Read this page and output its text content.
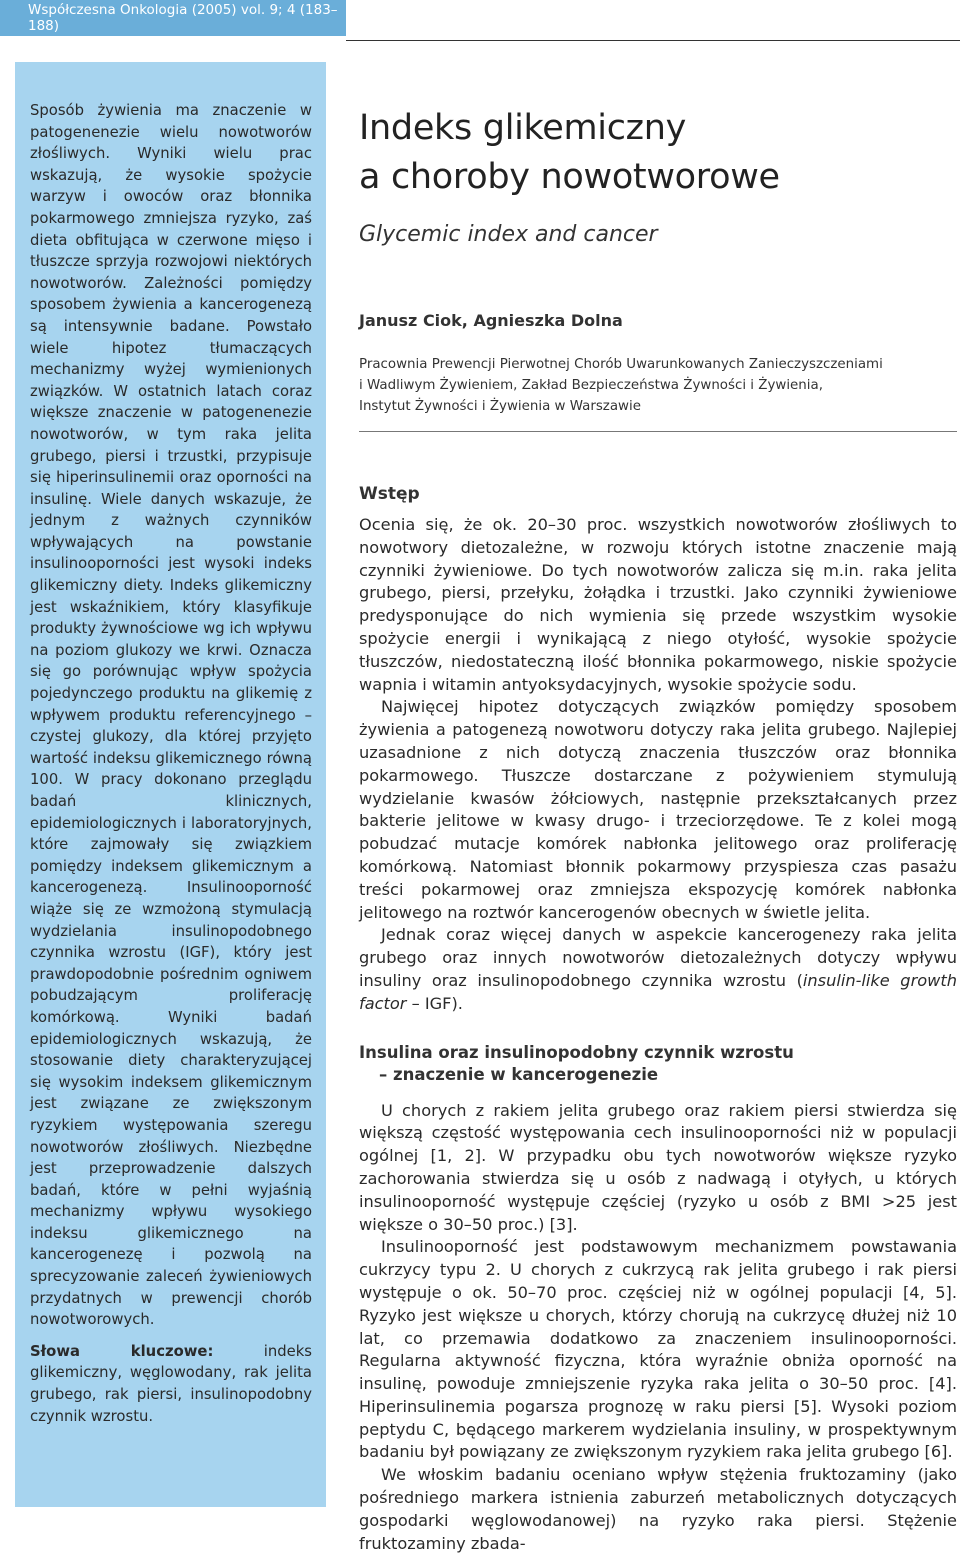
Współczesna Onkologia (2005) vol. 9; 4 (183–188)

Sposób żywienia ma znaczenie w patogenenezie wielu nowotworów złośliwych. Wyniki wielu prac wskazują, że wysokie spożycie warzyw i owoców oraz błonnika pokarmowego zmniejsza ryzyko, zaś dieta obfitująca w czerwone mięso i tłuszcze sprzyja rozwojowi niektórych nowotworów. Zależności pomiędzy sposobem żywienia a kancerogenezą są intensywnie badane. Powstało wiele hipotez tłumaczących mechanizmy wyżej wymienionych związków. W ostatnich latach coraz większe znaczenie w patogenenezie nowotworów, w tym raka jelita grubego, piersi i trzustki, przypisuje się hiperinsulinemii oraz oporności na insulinę. Wiele danych wskazuje, że jednym z ważnych czynników wpływających na powstanie insulinooporności jest wysoki indeks glikemiczny diety. Indeks glikemiczny jest wskaźnikiem, który klasyfikuje produkty żywnościowe wg ich wpływu na poziom glukozy we krwi. Oznacza się go porównując wpływ spożycia pojedynczego produktu na glikemię z wpływem produktu referencyjnego – czystej glukozy, dla której przyjęto wartość indeksu glikemicznego równą 100. W pracy dokonano przeglądu badań klinicznych, epidemiologicznych i laboratoryjnych, które zajmowały się związkiem pomiędzy indeksem glikemicznym a kancerogenezą. Insulinooporność wiąże się ze wzmożoną stymulacją wydzielania insulinopodobnego czynnika wzrostu (IGF), który jest prawdopodobnie pośrednim ogniwem pobudzającym proliferację komórkową. Wyniki badań epidemiologicznych wskazują, że stosowanie diety charakteryzującej się wysokim indeksem glikemicznym jest związane ze zwiększonym ryzykiem występowania szeregu nowotworów złośliwych. Niezbędne jest przeprowadzenie dalszych badań, które w pełni wyjaśnią mechanizmy wpływu wysokiego indeksu glikemicznego na kancerogenezę i pozwolą na sprecyzowanie zaleceń żywieniowych przydatnych w prewencji chorób nowotworowych.

Słowa kluczowe:	indeks glikemiczny, węglowodany, rak jelita grubego, rak piersi, insulinopodobny czynnik wzrostu.

Indeks glikemiczny
a choroby nowotworowe
Glycemic index and cancer
Janusz Ciok, Agnieszka Dolna
Pracownia Prewencji Pierwotnej Chorób Uwarunkowanych Zanieczyszczeniami
i Wadliwym Żywieniem, Zakład Bezpieczeństwa Żywności i Żywienia,
Instytut Żywności i Żywienia w Warszawie
Wstęp

Ocenia się, że ok. 20–30 proc. wszystkich nowotworów złośliwych to nowotwory dietozależne, w rozwoju których istotne znaczenie mają czynniki żywieniowe. Do tych nowotworów zalicza się m.in. raka jelita grubego, piersi, przełyku, żołądka i trzustki. Jako czynniki żywieniowe predysponujące do nich wymienia się przede wszystkim wysokie spożycie energii i wynikającą z niego otyłość, wysokie spożycie tłuszczów, niedostateczną ilość błonnika pokarmowego, niskie spożycie wapnia i witamin antyoksydacyjnych, wysokie spożycie sodu.

Najwięcej hipotez dotyczących związków pomiędzy sposobem żywienia a patogenezą nowotworu dotyczy raka jelita grubego. Najlepiej uzasadnione z nich dotyczą znaczenia tłuszczów oraz błonnika pokarmowego. Tłuszcze dostarczane z pożywieniem stymulują wydzielanie kwasów żółciowych, następnie przekształcanych przez bakterie jelitowe w kwasy drugo- i trzeciorzędowe. Te z kolei mogą pobudzać mutacje komórek nabłonka jelitowego oraz proliferację komórkową. Natomiast błonnik pokarmowy przyspiesza czas pasażu treści pokarmowej oraz zmniejsza ekspozycję komórek nabłonka jelitowego na roztwór kancerogenów obecnych w świetle jelita.

Jednak coraz więcej danych w aspekcie kancerogenezy raka jelita grubego oraz innych nowotworów dietozależnych dotyczy wpływu insuliny oraz insulinopodobnego czynnika wzrostu (insulin-like growth factor – IGF).

Insulina oraz insulinopodobny czynnik wzrostu
– znaczenie w kancerogenezie

U chorych z rakiem jelita grubego oraz rakiem piersi stwierdza się większą częstość występowania cech insulinooporności niż w populacji ogólnej [1, 2]. W przypadku obu tych nowotworów większe ryzyko zachorowania stwierdza się u osób z nadwagą i otyłych, u których insulinooporność występuje częściej (ryzyko u osób z BMI >25 jest większe o 30–50 proc.) [3].

Insulinooporność jest podstawowym mechanizmem powstawania cukrzycy typu 2. U chorych z cukrzycą rak jelita grubego i rak piersi występuje o ok. 50–70 proc. częściej niż w ogólnej populacji [4, 5]. Ryzyko jest większe u chorych, którzy chorują na cukrzycę dłużej niż 10 lat, co przemawia dodatkowo za znaczeniem insulinooporności. Regularna aktywność fizyczna, która wyraźnie obniża oporność na insulinę, powoduje zmniejszenie ryzyka raka jelita o 30–50 proc. [4]. Hiperinsulinemia pogarsza prognozę w raku piersi [5]. Wysoki poziom peptydu C, będącego markerem wydzielania insuliny, w prospektywnym badaniu był powiązany ze zwiększonym ryzykiem raka jelita grubego [6].

We włoskim badaniu oceniano wpływ stężenia fruktozaminy (jako pośredniego markera istnienia zaburzeń metabolicznych dotyczących gospodarki węglowodanowej) na ryzyko raka piersi. Stężenie fruktozaminy zbada-
